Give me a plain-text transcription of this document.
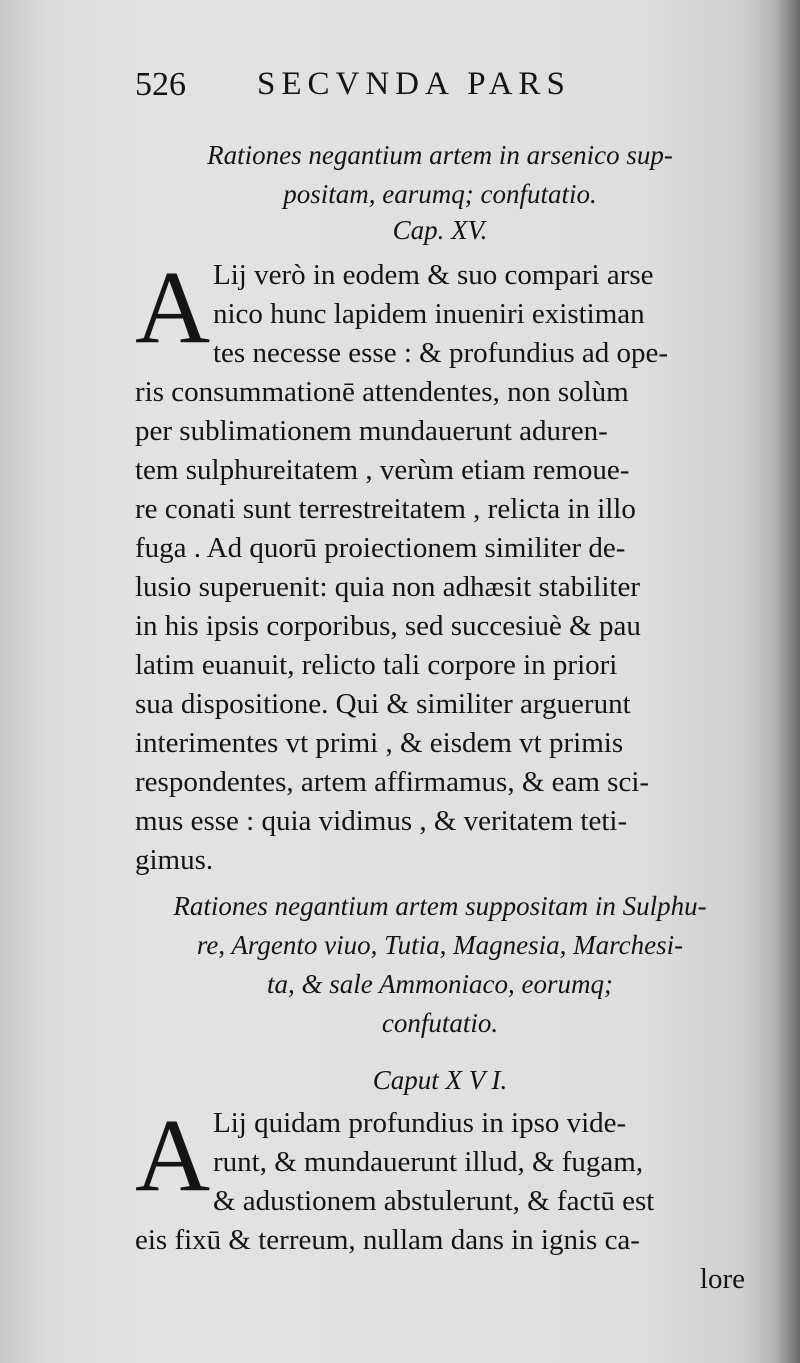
526 SECVNDA PARS
Rationes negantium artem in arsenico sup-
positam, earumq; confutatio.
Cap. XV.
A Lij verò in eodem & suo compari arse
nico hunc lapidem inueniri existiman
tes necesse esse : & profundius ad ope-
ris consummationē attendentes, non solùm
per sublimationem mundauerunt aduren-
tem sulphureitatem , verùm etiam remoue-
re conati sunt terrestreitatem , relicta in illo
fuga . Ad quorū proiectionem similiter de-
lusio superuenit: quia non adhæsit stabiliter
in his ipsis corporibus, sed succesiuè & pau
latim euanuit, relicto tali corpore in priori
sua dispositione. Qui & similiter arguerunt
interimentes vt primi , & eisdem vt primis
respondentes, artem affirmamus, & eam sci-
mus esse : quia vidimus , & veritatem teti-
gimus.
Rationes negantium artem suppositam in Sulphu-
re, Argento viuo, Tutia, Magnesia, Marchesi-
ta, & sale Ammoniaco, eorumq;
confutatio.
Caput X V I.
A Lij quidam profundius in ipso vide-
runt, & mundauerunt illud, & fugam,
& adustionem abstulerunt, & factū est
eis fixū & terreum, nullam dans in ignis ca-
lore
